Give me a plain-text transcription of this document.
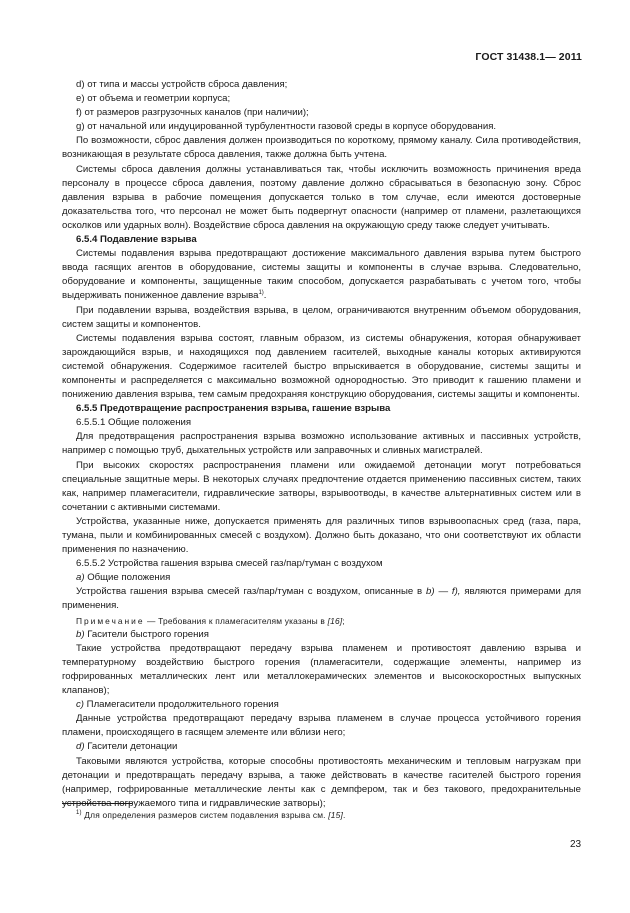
ГОСТ 31438.1— 2011

d) от типа и массы устройств сброса давления;

e) от объема и геометрии корпуса;

f) от размеров разгрузочных каналов (при наличии);

g) от начальной или индуцированной турбулентности газовой среды в корпусе оборудования.

По возможности, сброс давления должен производиться по короткому, прямому каналу. Сила противодействия, возникающая в результате сброса давления, также должна быть учтена.

Системы сброса давления должны устанавливаться так, чтобы исключить возможность причинения вреда персоналу в процессе сброса давления, поэтому давление должно сбрасываться в безопасную зону. Сброс давления взрыва в рабочие помещения допускается только в том случае, если имеются достоверные доказательства того, что персонал не может быть подвергнут опасности (например от пламени, разлетающихся осколков или ударных волн). Воздействие сброса давления на окружающую среду также следует учитывать.

6.5.4 Подавление взрыва

Системы подавления взрыва предотвращают достижение максимального давления взрыва путем быстрого ввода гасящих агентов в оборудование, системы защиты и компоненты в случае взрыва. Следовательно, оборудование и компоненты, защищенные таким способом, допускается разрабатывать с учетом того, чтобы выдерживать пониженное давление взрыва$^{1)}$.

При подавлении взрыва, воздействия взрыва, в целом, ограничиваются внутренним объемом оборудования, систем защиты и компонентов.

Системы подавления взрыва состоят, главным образом, из системы обнаружения, которая обнаруживает зарождающийся взрыв, и находящихся под давлением гасителей, выходные каналы которых активируются системой обнаружения. Содержимое гасителей быстро впрыскивается в оборудование, системы защиты и компоненты и распределяется с максимально возможной однородностью. Это приводит к гашению пламени и понижению давления взрыва, тем самым предохраняя конструкцию оборудования, системы защиты и компоненты.

6.5.5 Предотвращение распространения взрыва, гашение взрыва

6.5.5.1 Общие положения

Для предотвращения распространения взрыва возможно использование активных и пассивных устройств, например с помощью труб, дыхательных устройств или заправочных и сливных магистралей.

При высоких скоростях распространения пламени или ожидаемой детонации могут потребоваться специальные защитные меры. В некоторых случаях предпочтение отдается применению пассивных систем, таких как, например пламегасители, гидравлические затворы, взрывоотводы, в качестве альтернативных систем или в сочетании с активными системами.

Устройства, указанные ниже, допускается применять для различных типов взрывоопасных сред (газа, пара, тумана, пыли и комбинированных смесей с воздухом). Должно быть доказано, что они соответствуют их области применения по назначению.

6.5.5.2 Устройства гашения взрыва смесей газ/пар/туман с воздухом

a) Общие положения

Устройства гашения взрыва смесей газ/пар/туман с воздухом, описанные в b) — f), являются примерами для применения.

Примечание — Требования к пламегасителям указаны в [16];

b) Гасители быстрого горения

Такие устройства предотвращают передачу взрыва пламенем и противостоят давлению взрыва и температурному воздействию быстрого горения (пламегасители, содержащие элементы, например из гофрированных металлических лент или металлокерамических элементов и высокоскоростных выпускных клапанов);

c) Пламегасители продолжительного горения

Данные устройства предотвращают передачу взрыва пламенем в случае процесса устойчивого горения пламени, происходящего в гасящем элементе или вблизи него;

d) Гасители детонации

Таковыми являются устройства, которые способны противостоять механическим и тепловым нагрузкам при детонации и предотвращать передачу взрыва, а также действовать в качестве гасителей быстрого горения (например, гофрированные металлические ленты как с демпфером, так и без такового, предохранительные устройства погружаемого типа и гидравлические затворы);

$^{1)}$ Для определения размеров систем подавления взрыва см. [15].
23
